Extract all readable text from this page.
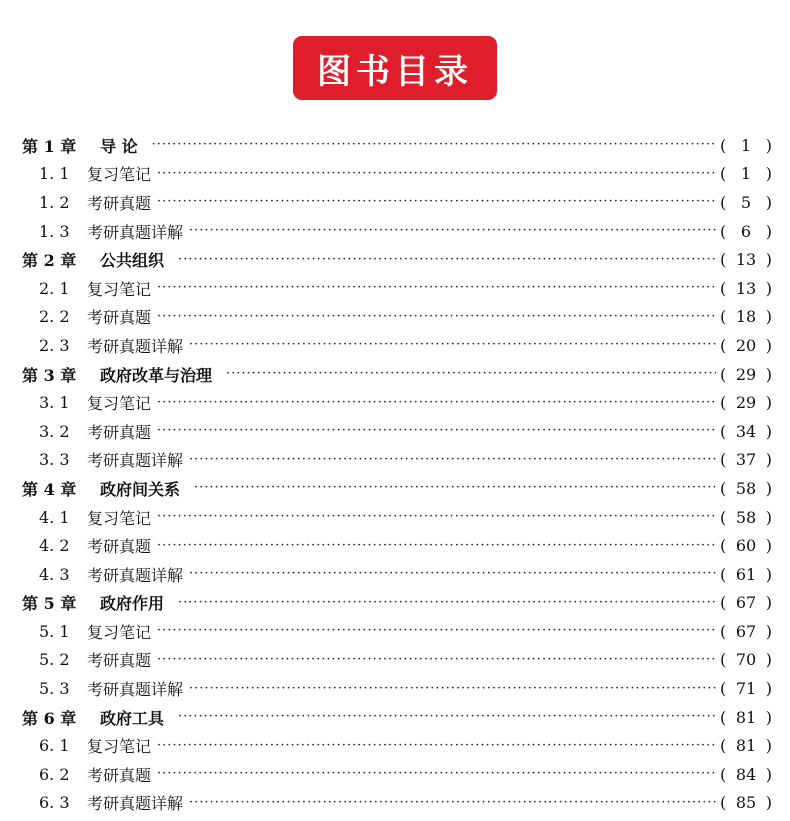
图书目录
第 1 章	导 论 ·····	( 1 )
1. 1	复习笔记 ·····	( 1 )
1. 2	考研真题 ·····	( 5 )
1. 3	考研真题详解 ·····	( 6 )
第 2 章	公共组织 ·····	( 13 )
2. 1	复习笔记 ·····	( 13 )
2. 2	考研真题 ·····	( 18 )
2. 3	考研真题详解 ·····	( 20 )
第 3 章	政府改革与治理 ·····	( 29 )
3. 1	复习笔记 ·····	( 29 )
3. 2	考研真题 ·····	( 34 )
3. 3	考研真题详解 ·····	( 37 )
第 4 章	政府间关系 ·····	( 58 )
4. 1	复习笔记 ·····	( 58 )
4. 2	考研真题 ·····	( 60 )
4. 3	考研真题详解 ·····	( 61 )
第 5 章	政府作用 ·····	( 67 )
5. 1	复习笔记 ·····	( 67 )
5. 2	考研真题 ·····	( 70 )
5. 3	考研真题详解 ·····	( 71 )
第 6 章	政府工具 ·····	( 81 )
6. 1	复习笔记 ·····	( 81 )
6. 2	考研真题 ·····	( 84 )
6. 3	考研真题详解 ·····	( 85 )
